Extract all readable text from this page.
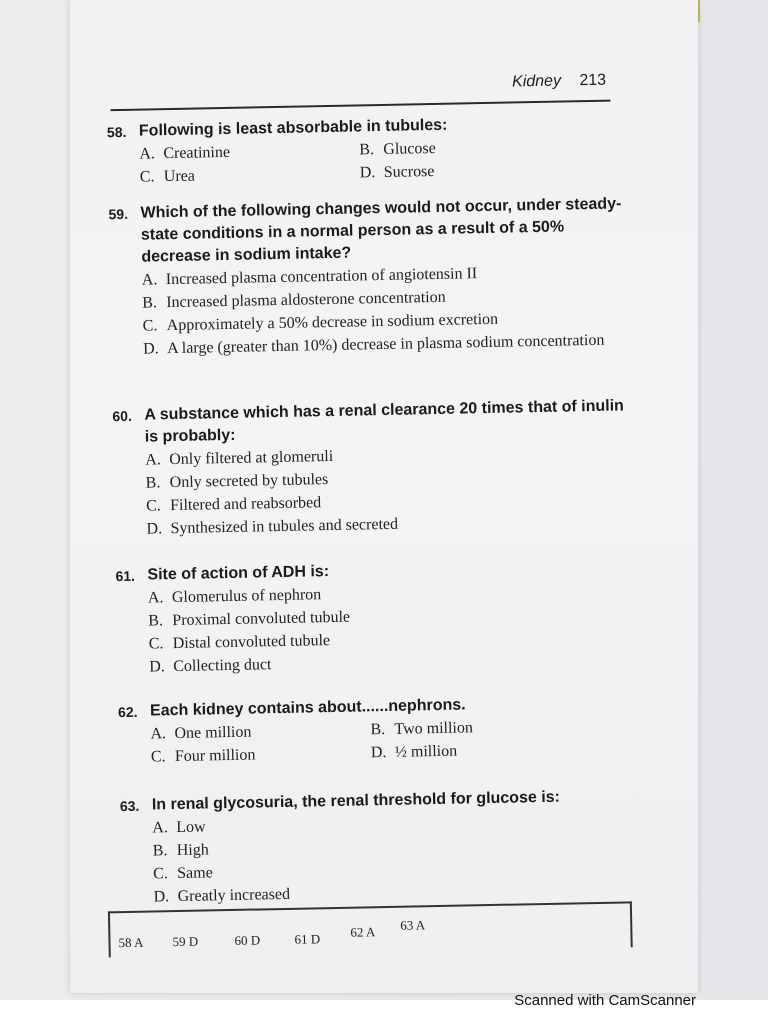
Kidney 213
58. Following is least absorbable in tubules:
A. Creatinine	B. Glucose
C. Urea	D. Sucrose
59. Which of the following changes would not occur, under steady-state conditions in a normal person as a result of a 50% decrease in sodium intake?
A. Increased plasma concentration of angiotensin II
B. Increased plasma aldosterone concentration
C. Approximately a 50% decrease in sodium excretion
D. A large (greater than 10%) decrease in plasma sodium concentration
60. A substance which has a renal clearance 20 times that of inulin is probably:
A. Only filtered at glomeruli
B. Only secreted by tubules
C. Filtered and reabsorbed
D. Synthesized in tubules and secreted
61. Site of action of ADH is:
A. Glomerulus of nephron
B. Proximal convoluted tubule
C. Distal convoluted tubule
D. Collecting duct
62. Each kidney contains about......nephrons.
A. One million	B. Two million
C. Four million	D. ½ million
63. In renal glycosuria, the renal threshold for glucose is:
A. Low
B. High
C. Same
D. Greatly increased
58 A 59 D	60 D	61 D 62 A 63 A
Scanned with CamScanner
